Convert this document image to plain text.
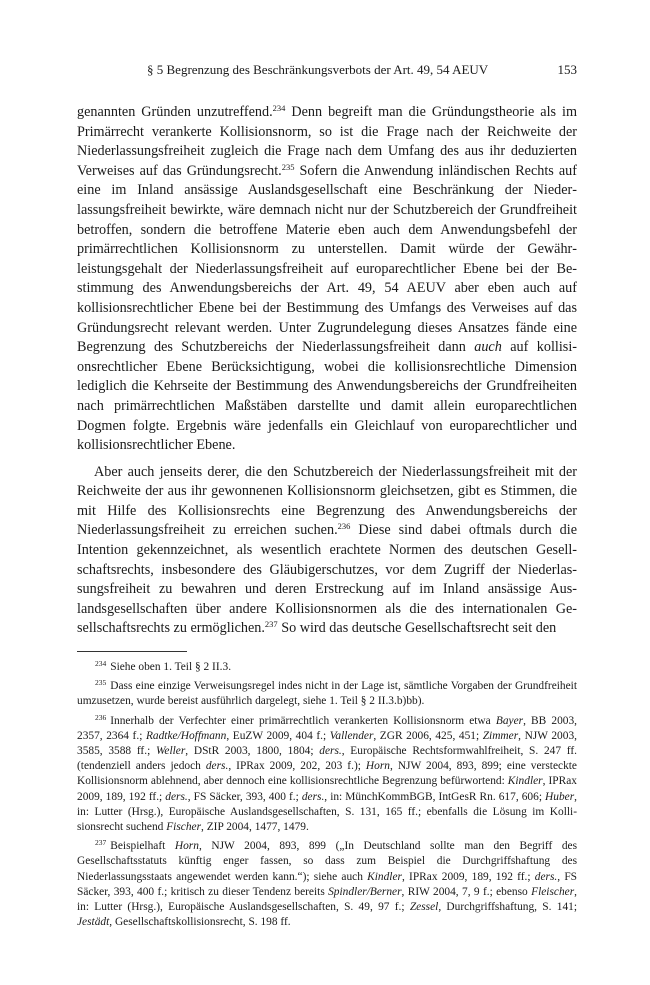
§ 5 Begrenzung des Beschränkungsverbots der Art. 49, 54 AEUV	153

genannten Gründen unzutreffend.$^{234}$ Denn begreift man die Gründungstheorie als im Primärrecht verankerte Kollisionsnorm, so ist die Frage nach der Reichweite der Niederlassungsfreiheit zugleich die Frage nach dem Umfang des aus ihr deduzierten Verweises auf das Gründungsrecht.$^{235}$ Sofern die Anwendung inländischen Rechts auf eine im Inland ansässige Auslandsgesellschaft eine Beschränkung der Niederlassungsfreiheit bewirkte, wäre demnach nicht nur der Schutzbereich der Grundfreiheit betroffen, sondern die betroffene Materie eben auch dem Anwendungsbefehl der primärrechtlichen Kollisionsnorm zu unterstellen. Damit würde der Gewährleistungsgehalt der Niederlassungsfreiheit auf europarechtlicher Ebene bei der Bestimmung des Anwendungsbereichs der Art. 49, 54 AEUV aber eben auch auf kollisionsrechtlicher Ebene bei der Bestimmung des Umfangs des Verweises auf das Gründungsrecht relevant werden. Unter Zugrundelegung dieses Ansatzes fände eine Begrenzung des Schutzbereichs der Niederlassungsfreiheit dann auch auf kollisionsrechtlicher Ebene Berücksichtigung, wobei die kollisionsrechtliche Dimension lediglich die Kehrseite der Bestimmung des Anwendungsbereichs der Grundfreiheiten nach primärrechtlichen Maßstäben darstellte und damit allein europarechtlichen Dogmen folgte. Ergebnis wäre jedenfalls ein Gleichlauf von europarechtlicher und kollisionsrechtlicher Ebene.

Aber auch jenseits derer, die den Schutzbereich der Niederlassungsfreiheit mit der Reichweite der aus ihr gewonnenen Kollisionsnorm gleichsetzen, gibt es Stimmen, die mit Hilfe des Kollisionsrechts eine Begrenzung des Anwendungsbereichs der Niederlassungsfreiheit zu erreichen suchen.$^{236}$ Diese sind dabei oftmals durch die Intention gekennzeichnet, als wesentlich erachtete Normen des deutschen Gesellschaftsrechts, insbesondere des Gläubigerschutzes, vor dem Zugriff der Niederlassungsfreiheit zu bewahren und deren Erstreckung auf im Inland ansässige Auslandsgesellschaften über andere Kollisionsnormen als die des internationalen Gesellschaftsrechts zu ermöglichen.$^{237}$ So wird das deutsche Gesellschaftsrecht seit den

$^{234}$ Siehe oben 1. Teil § 2 II.3.

$^{235}$ Dass eine einzige Verweisungsregel indes nicht in der Lage ist, sämtliche Vorgaben der Grundfreiheit umzusetzen, wurde bereist ausführlich dargelegt, siehe 1. Teil § 2 II.3.b)bb).

$^{236}$ Innerhalb der Verfechter einer primärrechtlich verankerten Kollisionsnorm etwa Bayer, BB 2003, 2357, 2364 f.; Radtke/Hoffmann, EuZW 2009, 404 f.; Vallender, ZGR 2006, 425, 451; Zimmer, NJW 2003, 3585, 3588 ff.; Weller, DStR 2003, 1800, 1804; ders., Europäische Rechtsformwahlfreiheit, S. 247 ff. (tendenziell anders jedoch ders., IPRax 2009, 202, 203 f.); Horn, NJW 2004, 893, 899; eine versteckte Kollisionsnorm ablehnend, aber dennoch eine kollisionsrechtliche Begrenzung befürwortend: Kindler, IPRax 2009, 189, 192 ff.; ders., FS Säcker, 393, 400 f.; ders., in: MünchKommBGB, IntGesR Rn. 617, 606; Huber, in: Lutter (Hrsg.), Europäische Auslandsgesellschaften, S. 131, 165 ff.; ebenfalls die Lösung im Kollisionsrecht suchend Fischer, ZIP 2004, 1477, 1479.

$^{237}$ Beispielhaft Horn, NJW 2004, 893, 899 („In Deutschland sollte man den Begriff des Gesellschaftsstatuts künftig enger fassen, so dass zum Beispiel die Durchgriffshaftung des Niederlassungsstaats angewendet werden kann.“); siehe auch Kindler, IPRax 2009, 189, 192 ff.; ders., FS Säcker, 393, 400 f.; kritisch zu dieser Tendenz bereits Spindler/Berner, RIW 2004, 7, 9 f.; ebenso Fleischer, in: Lutter (Hrsg.), Europäische Auslandsgesellschaften, S. 49, 97 f.; Zessel, Durchgriffshaftung, S. 141; Jestädt, Gesellschaftskollisionsrecht, S. 198 ff.
